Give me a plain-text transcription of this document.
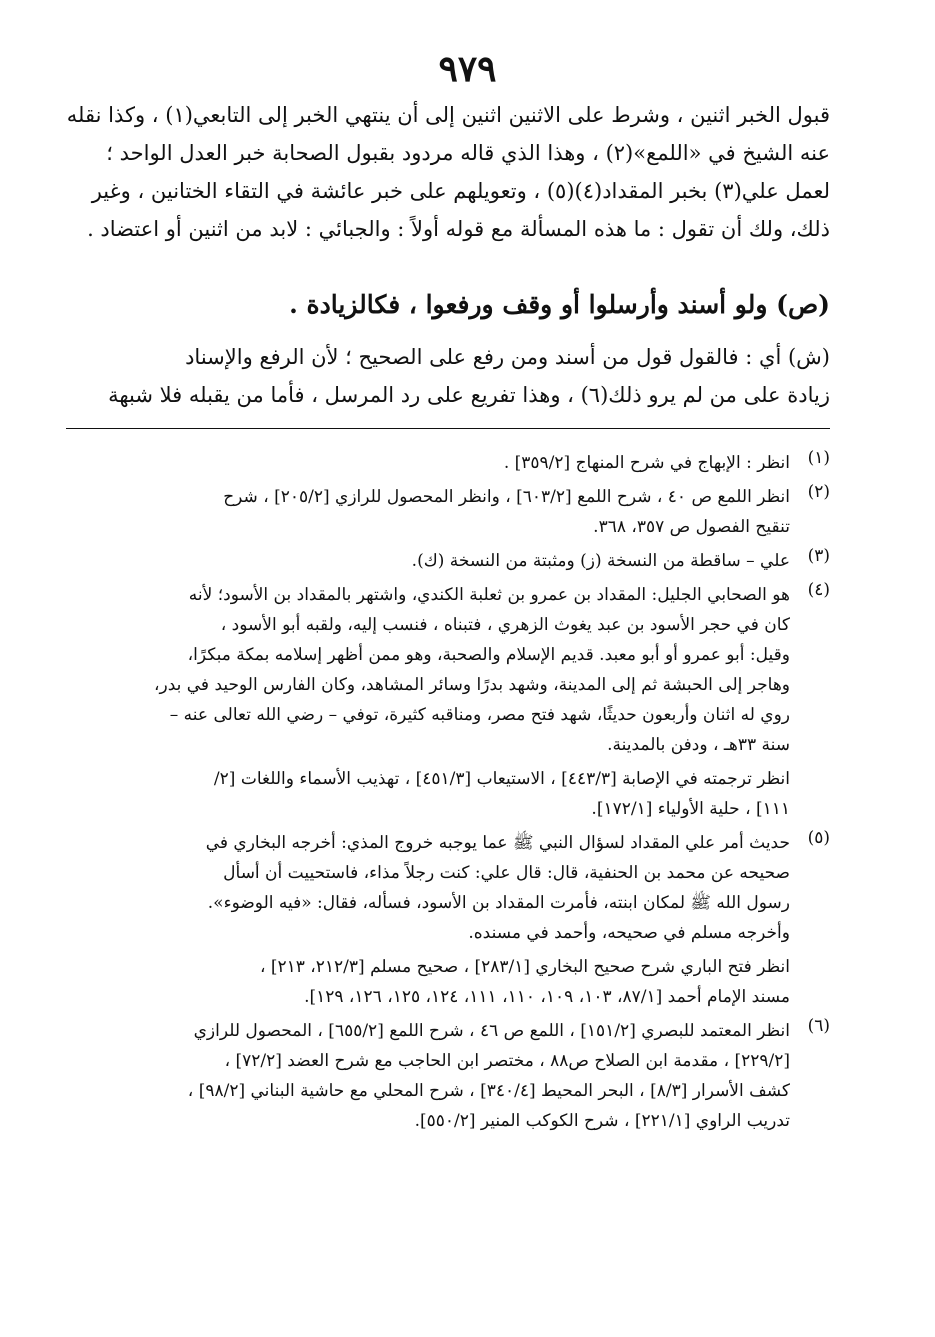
٩٧٩
قبول الخبر اثنين ، وشرط على الاثنين اثنين إلى أن ينتهي الخبر إلى التابعي(١) ، وكذا نقله
عنه الشيخ في «اللمع»(٢) ، وهذا الذي قاله مردود بقبول الصحابة خبر العدل الواحد ؛
لعمل علي(٣) بخبر المقداد(٤)(٥) ، وتعويلهم على خبر عائشة في التقاء الختانين ، وغير
ذلك، ولك أن تقول : ما هذه المسألة مع قوله أولاً : والجبائي : لابد من اثنين أو اعتضاد .
(ص) ولو أسند وأرسلوا أو وقف ورفعوا ، فكالزيادة .
(ش) أي : فالقول قول من أسند ومن رفع على الصحيح ؛ لأن الرفع والإسناد
زيادة على من لم يرو ذلك(٦) ، وهذا تفريع على رد المرسل ، فأما من يقبله فلا شبهة
(١)
انظر : الإبهاج في شرح المنهاج [٣٥٩/٢] .
(٢)
انظر اللمع ص ٤٠ ، شرح اللمع [٦٠٣/٢] ، وانظر المحصول للرازي [٢٠٥/٢] ، شرح
تنقيح الفصول ص ٣٥٧، ٣٦٨.
(٣)
علي – ساقطة من النسخة (ز) ومثبتة من النسخة (ك).
(٤)
هو الصحابي الجليل: المقداد بن عمرو بن ثعلبة الكندي، واشتهر بالمقداد بن الأسود؛ لأنه
كان في حجر الأسود بن عبد يغوث الزهري ، فتبناه ، فنسب إليه، ولقبه أبو الأسود ،
وقيل: أبو عمرو أو أبو معبد. قديم الإسلام والصحبة، وهو ممن أظهر إسلامه بمكة مبكرًا،
وهاجر إلى الحبشة ثم إلى المدينة، وشهد بدرًا وسائر المشاهد، وكان الفارس الوحيد في بدر،
روي له اثنان وأربعون حديثًا، شهد فتح مصر، ومناقبه كثيرة، توفي – رضي الله تعالى عنه –
سنة ٣٣هـ ، ودفن بالمدينة.
انظر ترجمته في الإصابة [٤٤٣/٣] ، الاستيعاب [٤٥١/٣] ، تهذيب الأسماء واللغات [٢/
١١١] ، حلية الأولياء [١٧٢/١].
(٥)
حديث أمر علي المقداد لسؤال النبي ﷺ عما يوجبه خروج المذي: أخرجه البخاري في
صحيحه عن محمد بن الحنفية، قال: قال علي: كنت رجلاً مذاء، فاستحييت أن أسأل
رسول الله ﷺ لمكان ابنته، فأمرت المقداد بن الأسود، فسأله، فقال: «فيه الوضوء».
وأخرجه مسلم في صحيحه، وأحمد في مسنده.
انظر فتح الباري شرح صحيح البخاري [٢٨٣/١] ، صحيح مسلم [٢١٢/٣، ٢١٣] ،
مسند الإمام أحمد [٨٧/١، ١٠٣، ١٠٩، ١١٠، ١١١، ١٢٤، ١٢٥، ١٢٦، ١٢٩].
(٦)
انظر المعتمد للبصري [١٥١/٢] ، اللمع ص ٤٦ ، شرح اللمع [٦٥٥/٢] ، المحصول للرازي
[٢٢٩/٢] ، مقدمة ابن الصلاح ص٨٨ ، مختصر ابن الحاجب مع شرح العضد [٧٢/٢] ،
كشف الأسرار [٨/٣] ، البحر المحيط [٣٤٠/٤] ، شرح المحلي مع حاشية البناني [٩٨/٢] ،
تدريب الراوي [٢٢١/١] ، شرح الكوكب المنير [٥٥٠/٢].
